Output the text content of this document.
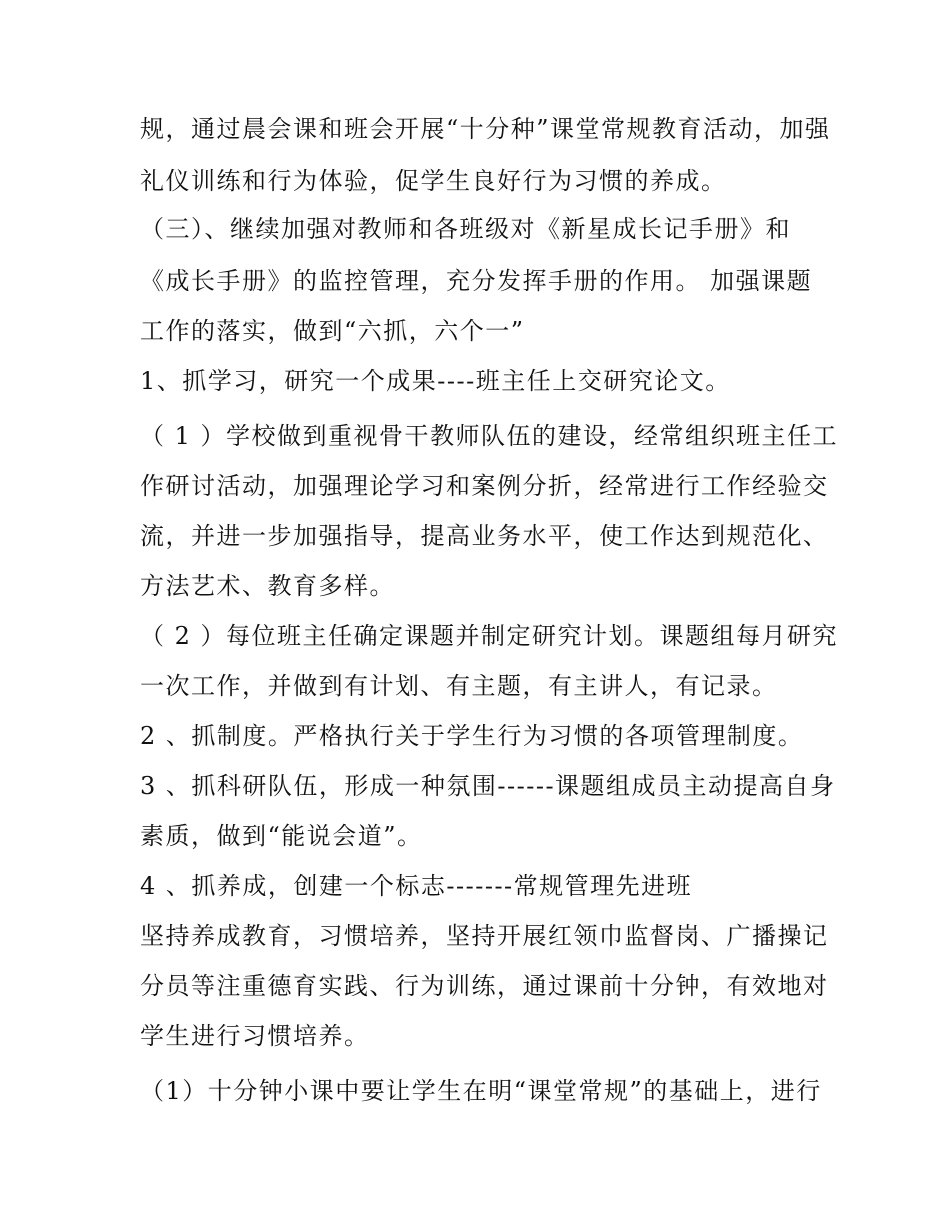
规，通过晨会课和班会开展“十分种”课堂常规教育活动，加强
礼仪训练和行为体验，促学生良好行为习惯的养成。
（三）、继续加强对教师和各班级对《新星成长记手册》和
《成长手册》的监控管理，充分发挥手册的作用。 加强课题
工作的落实，做到“六抓，六个一”
1、抓学习，研究一个成果----班主任上交研究论文。
（ 1 ）学校做到重视骨干教师队伍的建设，经常组织班主任工
作研讨活动，加强理论学习和案例分折，经常进行工作经验交
流，并进一步加强指导，提高业务水平，使工作达到规范化、
方法艺术、教育多样。
（ 2 ）每位班主任确定课题并制定研究计划。课题组每月研究
一次工作，并做到有计划、有主题，有主讲人，有记录。
2 、抓制度。严格执行关于学生行为习惯的各项管理制度。
3 、抓科研队伍，形成一种氛围------课题组成员主动提高自身
素质，做到“能说会道”。
4 、抓养成，创建一个标志-------常规管理先进班
坚持养成教育，习惯培养，坚持开展红领巾监督岗、广播操记
分员等注重德育实践、行为训练，通过课前十分钟，有效地对
学生进行习惯培养。
（1）十分钟小课中要让学生在明“课堂常规”的基础上，进行
